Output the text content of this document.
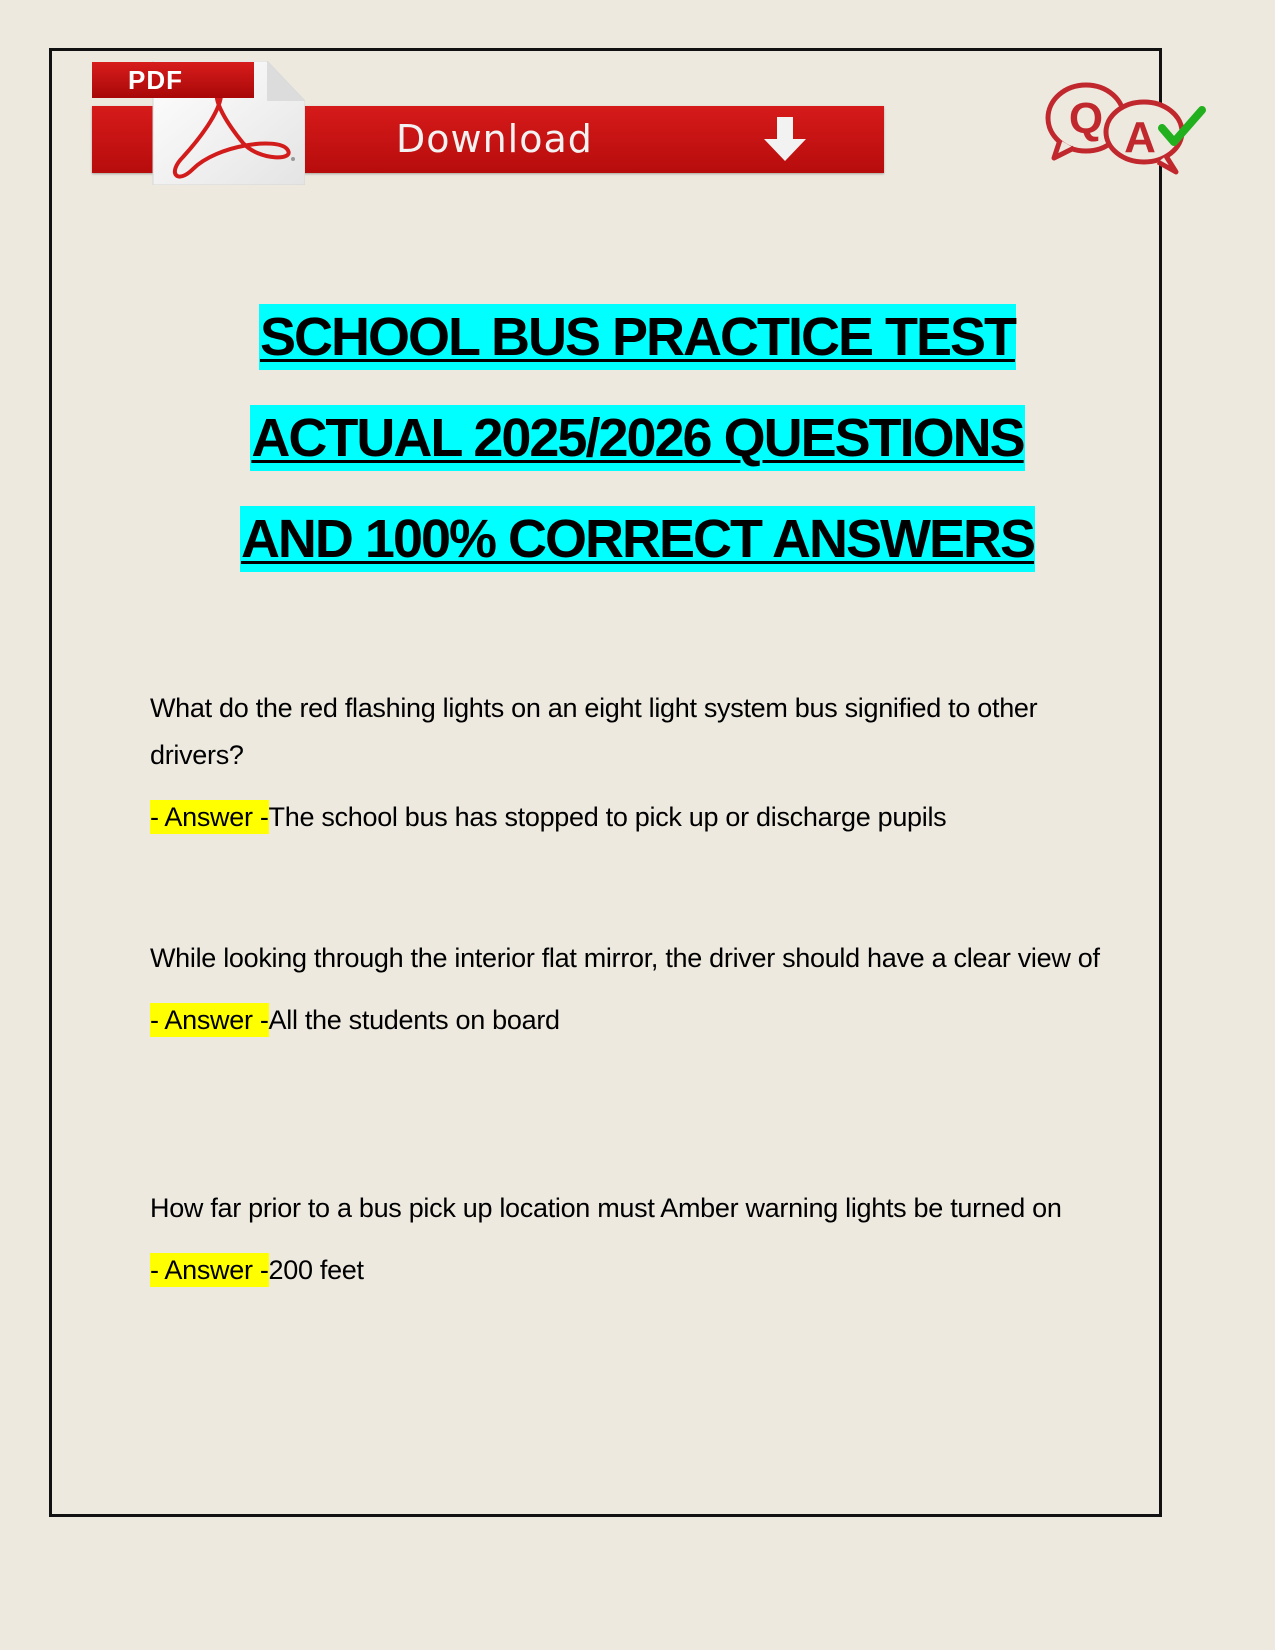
Download
PDF
Q A
SCHOOL BUS PRACTICE TEST
ACTUAL 2025/2026 QUESTIONS
AND 100% CORRECT ANSWERS

What do the red flashing lights on an eight light system bus signified to other drivers?

- Answer -The school bus has stopped to pick up or discharge pupils

While looking through the interior flat mirror, the driver should have a clear view of

- Answer -All the students on board

How far prior to a bus pick up location must Amber warning lights be turned on

- Answer -200 feet
